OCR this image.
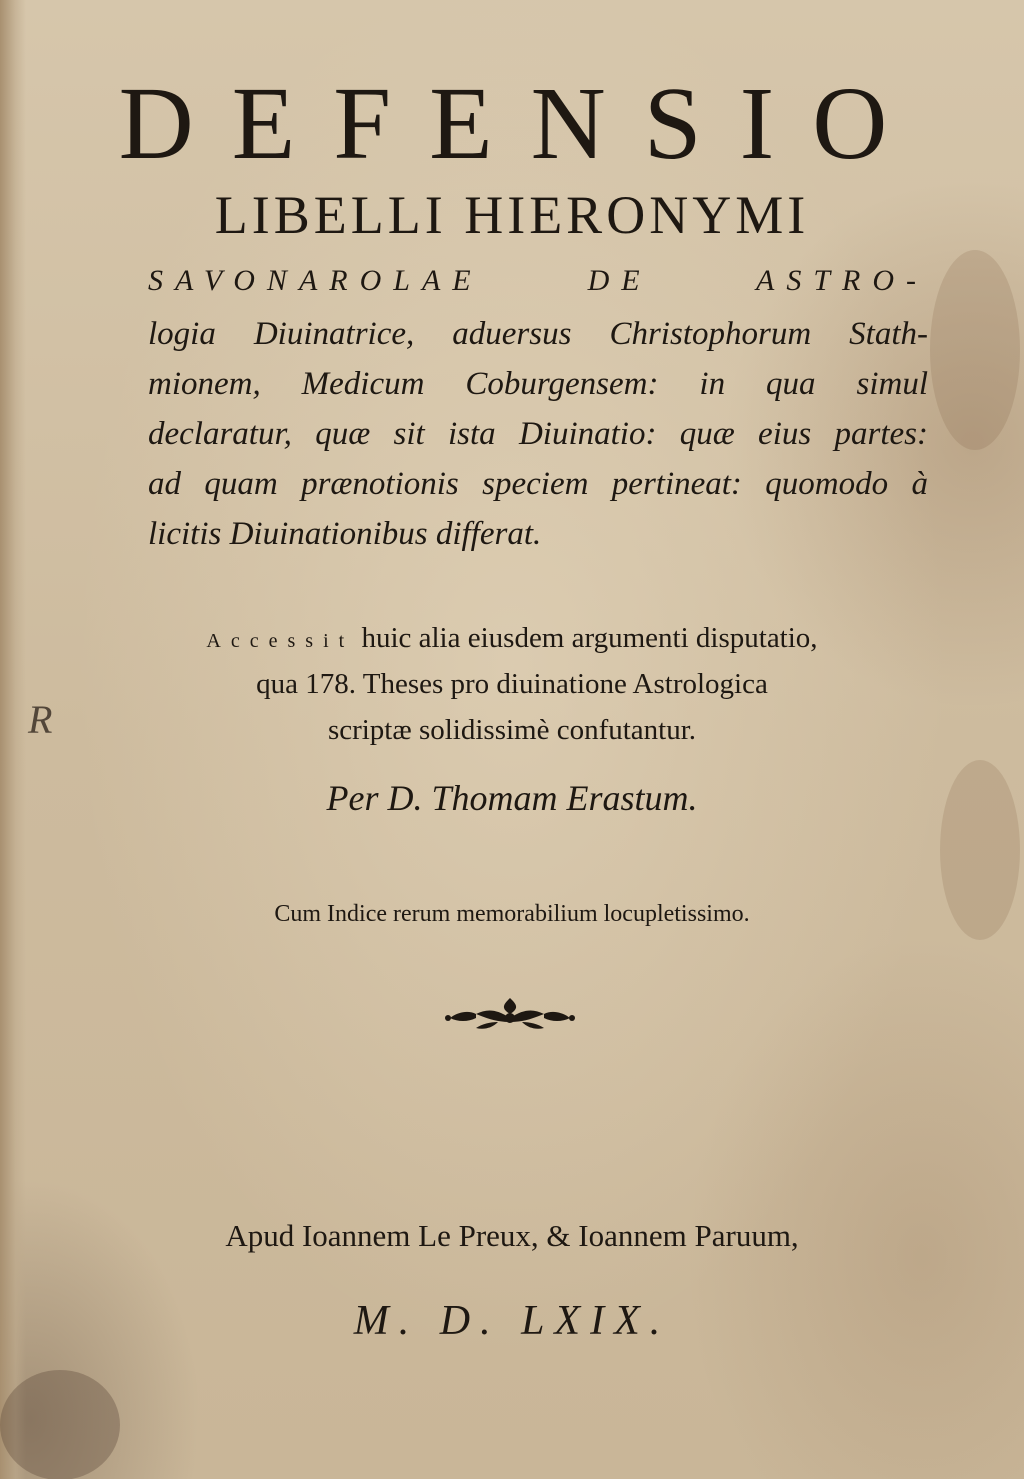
DEFENSIO

LIBELLI HIERONYMI

SAVONAROLAE DE ASTRO-

logia Diuinatrice, aduersus Christophorum Stath-

mionem, Medicum Coburgensem: in qua simul

declaratur, quæ sit ista Diuinatio: quæ eius partes:

ad quam prænotionis speciem pertineat: quomodo à

licitis Diuinationibus differat.

Accessit huic alia eiusdem argumenti disputatio,

qua 178. Theses pro diuinatione Astrologica

scriptæ solidissimè confutantur.

Per D. Thomam Erastum.

Cum Indice rerum memorabilium locupletissimo.

Apud Ioannem Le Preux, & Ioannem Paruum,

M. D. LXIX.

R
